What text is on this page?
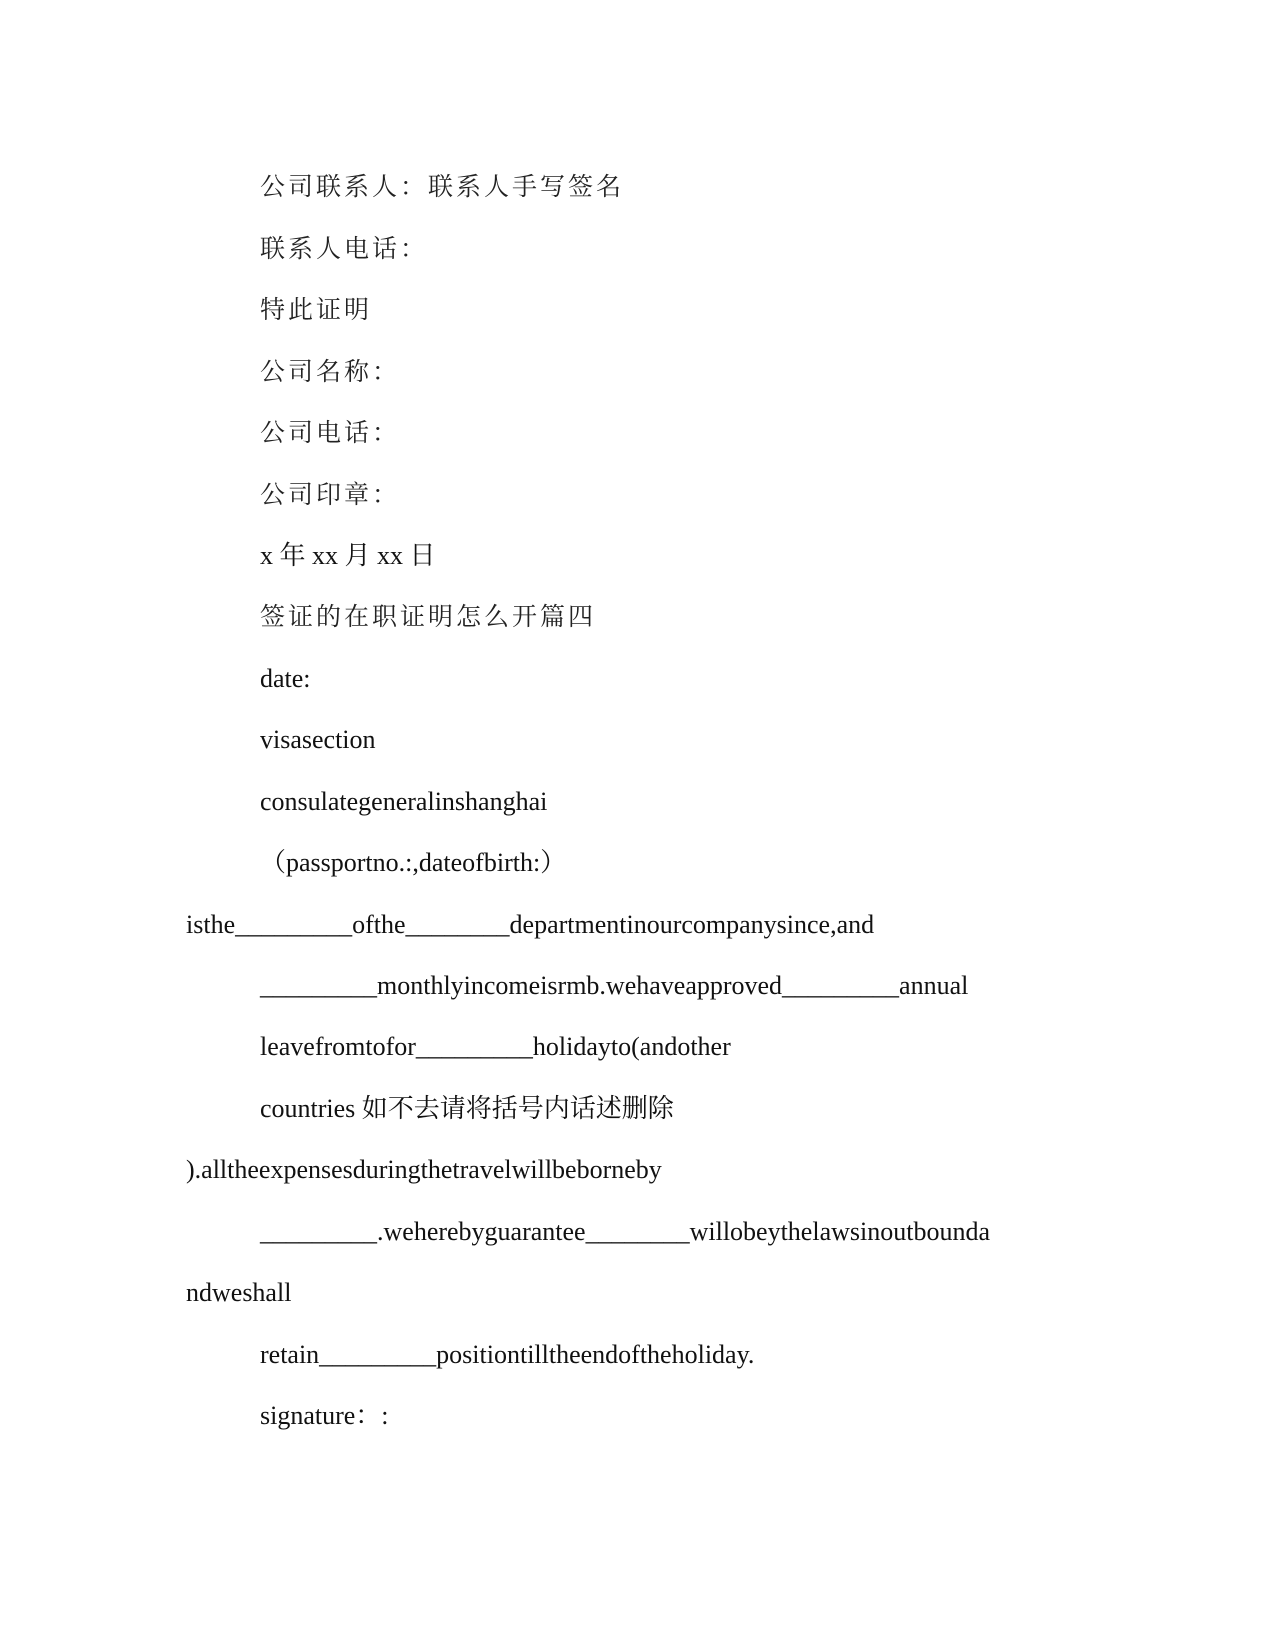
公司联系人：联系人手写签名
联系人电话：
特此证明
公司名称：
公司电话：
公司印章：
x 年 xx 月 xx 日
签证的在职证明怎么开篇四
date:
visasection
consulategeneralinshanghai
（passportno.:,dateofbirth:）
isthe_________ofthe________departmentinourcompanysince,and
_________monthlyincomeisrmb.wehaveapproved_________annual
leavefromtofor_________holidayto(andother
countries 如不去请将括号内话述删除
).alltheexpensesduringthetravelwillbeborneby
_________.weherebyguarantee________willobeythelawsinoutbounda
ndweshall
retain_________positiontilltheendoftheholiday.
signature：:
